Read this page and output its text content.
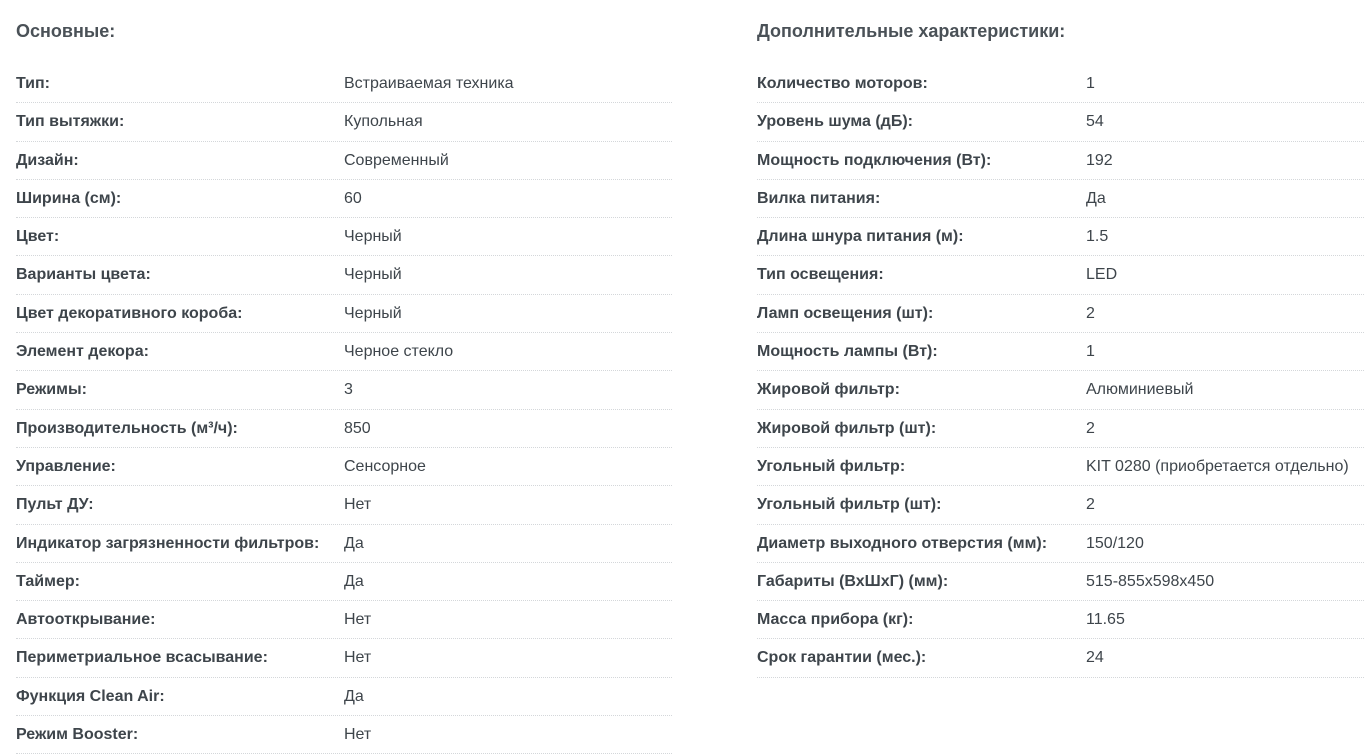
Основные:
Тип:	Встраиваемая техника
Тип вытяжки:	Купольная
Дизайн:	Современный
Ширина (см):	60
Цвет:	Черный
Варианты цвета:	Черный
Цвет декоративного короба:	Черный
Элемент декора:	Черное стекло
Режимы:	3
Производительность (м³/ч):	850
Управление:	Сенсорное
Пульт ДУ:	Нет
Индикатор загрязненности фильтров: Да
Таймер:	Да
Автооткрывание:	Нет
Периметриальное всасывание:	Нет
Функция Clean Air:	Да
Режим Booster:	Нет
Дополнительные характеристики:
Количество моторов:	1
Уровень шума (дБ):	54
Мощность подключения (Вт):	192
Вилка питания:	Да
Длина шнура питания (м):	1.5
Тип освещения:	LED
Ламп освещения (шт):	2
Мощность лампы (Вт):	1
Жировой фильтр:	Алюминиевый
Жировой фильтр (шт):	2
Угольный фильтр:	KIT 0280 (приобретается отдельно)
Угольный фильтр (шт):	2
Диаметр выходного отверстия (мм): 150/120
Габариты (ВхШхГ) (мм):	515-855x598x450
Масса прибора (кг):	11.65
Срок гарантии (мес.):	24
